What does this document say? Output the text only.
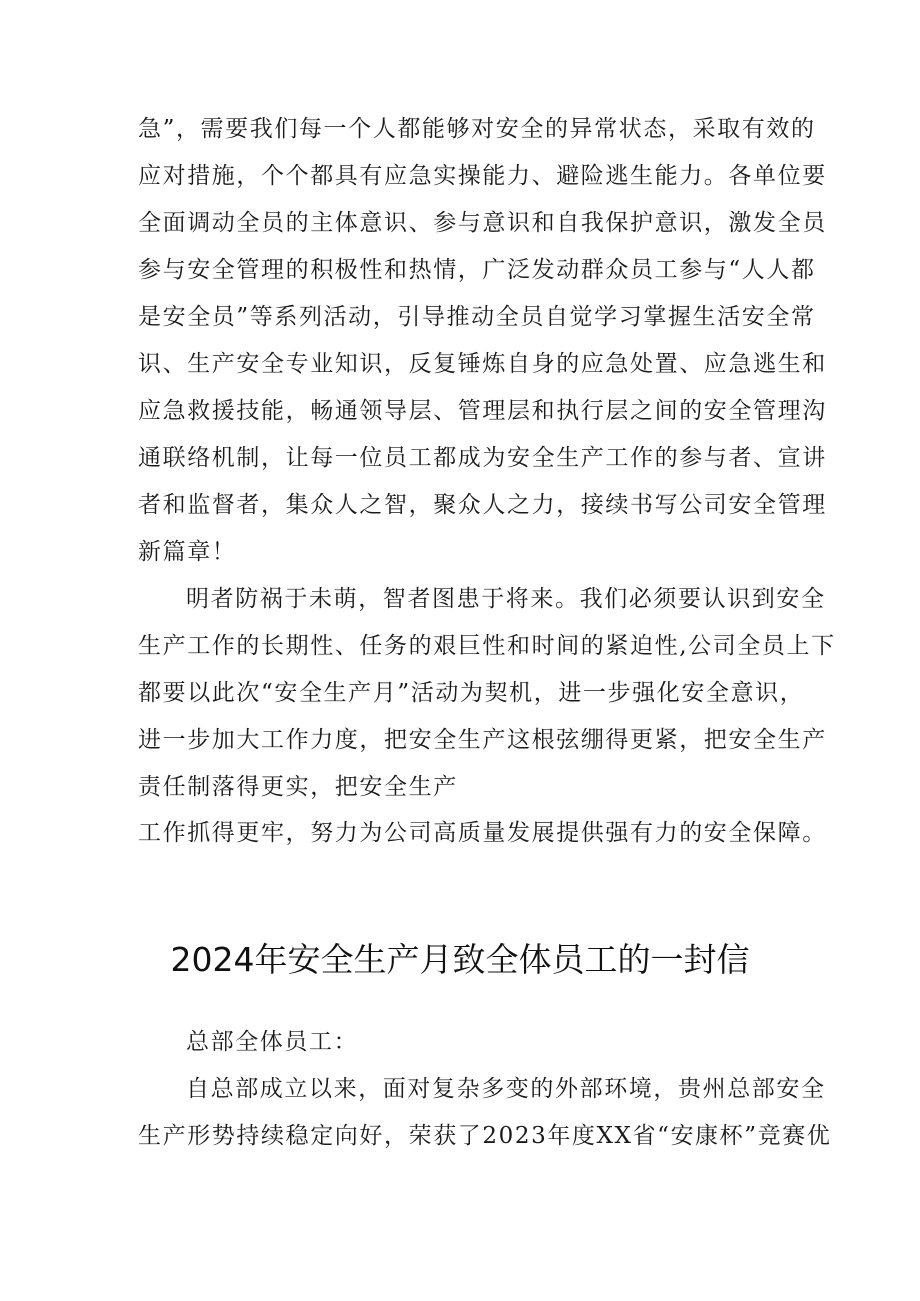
急”，需要我们每一个人都能够对安全的异常状态，采取有效的
应对措施，个个都具有应急实操能力、避险逃生能力。各单位要
全面调动全员的主体意识、参与意识和自我保护意识，激发全员
参与安全管理的积极性和热情，广泛发动群众员工参与“人人都
是安全员”等系列活动，引导推动全员自觉学习掌握生活安全常
识、生产安全专业知识，反复锤炼自身的应急处置、应急逃生和
应急救援技能，畅通领导层、管理层和执行层之间的安全管理沟
通联络机制，让每一位员工都成为安全生产工作的参与者、宣讲
者和监督者，集众人之智，聚众人之力，接续书写公司安全管理
新篇章！
明者防祸于未萌，智者图患于将来。我们必须要认识到安全
生产工作的长期性、任务的艰巨性和时间的紧迫性,公司全员上下
都要以此次“安全生产月”活动为契机，进一步强化安全意识，
进一步加大工作力度，把安全生产这根弦绷得更紧，把安全生产
责任制落得更实，把安全生产
工作抓得更牢，努力为公司高质量发展提供强有力的安全保障。
2024年安全生产月致全体员工的一封信
总部全体员工：
自总部成立以来，面对复杂多变的外部环境，贵州总部安全
生产形势持续稳定向好，荣获了2023年度XX省“安康杯”竞赛优
